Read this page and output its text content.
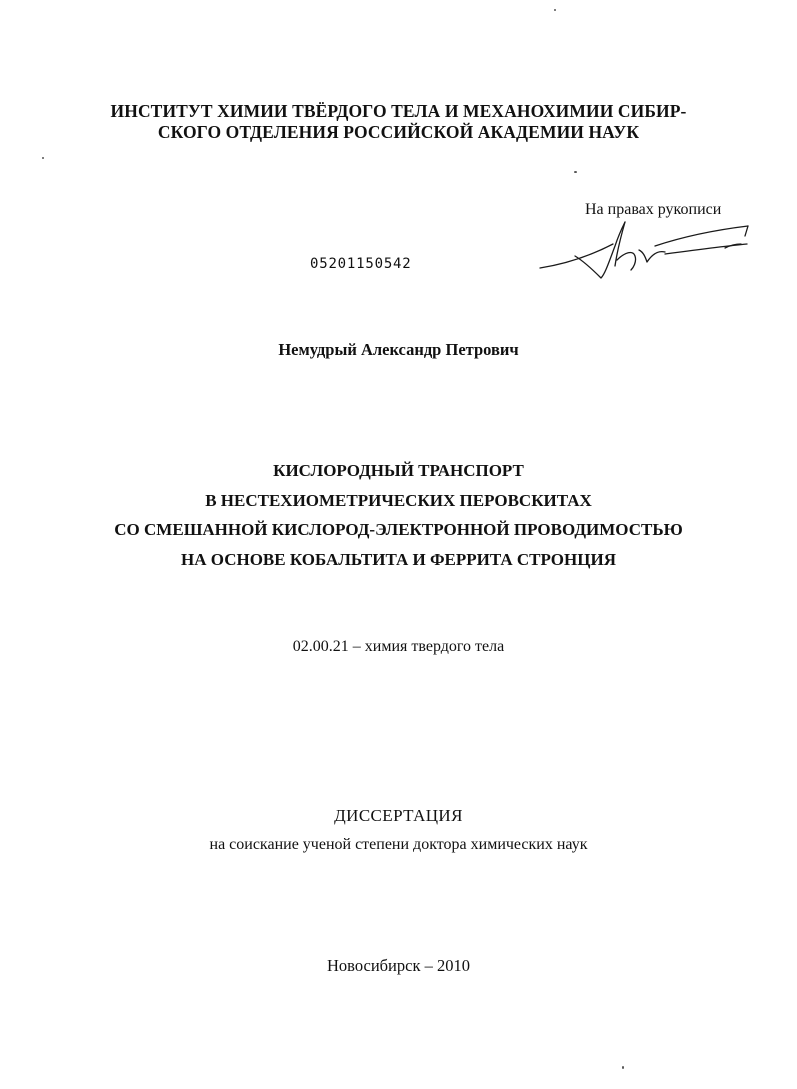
ИНСТИТУТ ХИМИИ ТВЁРДОГО ТЕЛА И МЕХАНОХИМИИ СИБИР-
СКОГО ОТДЕЛЕНИЯ РОССИЙСКОЙ АКАДЕМИИ НАУК
На правах рукописи
05201150542
Немудрый Александр Петрович
КИСЛОРОДНЫЙ ТРАНСПОРТ
В НЕСТЕХИОМЕТРИЧЕСКИХ ПЕРОВСКИТАХ
СО СМЕШАННОЙ КИСЛОРОД-ЭЛЕКТРОННОЙ ПРОВОДИМОСТЬЮ
НА ОСНОВЕ КОБАЛЬТИТА И ФЕРРИТА СТРОНЦИЯ
02.00.21 – химия твердого тела
ДИССЕРТАЦИЯ
на соискание ученой степени доктора химических наук
Новосибирск – 2010
